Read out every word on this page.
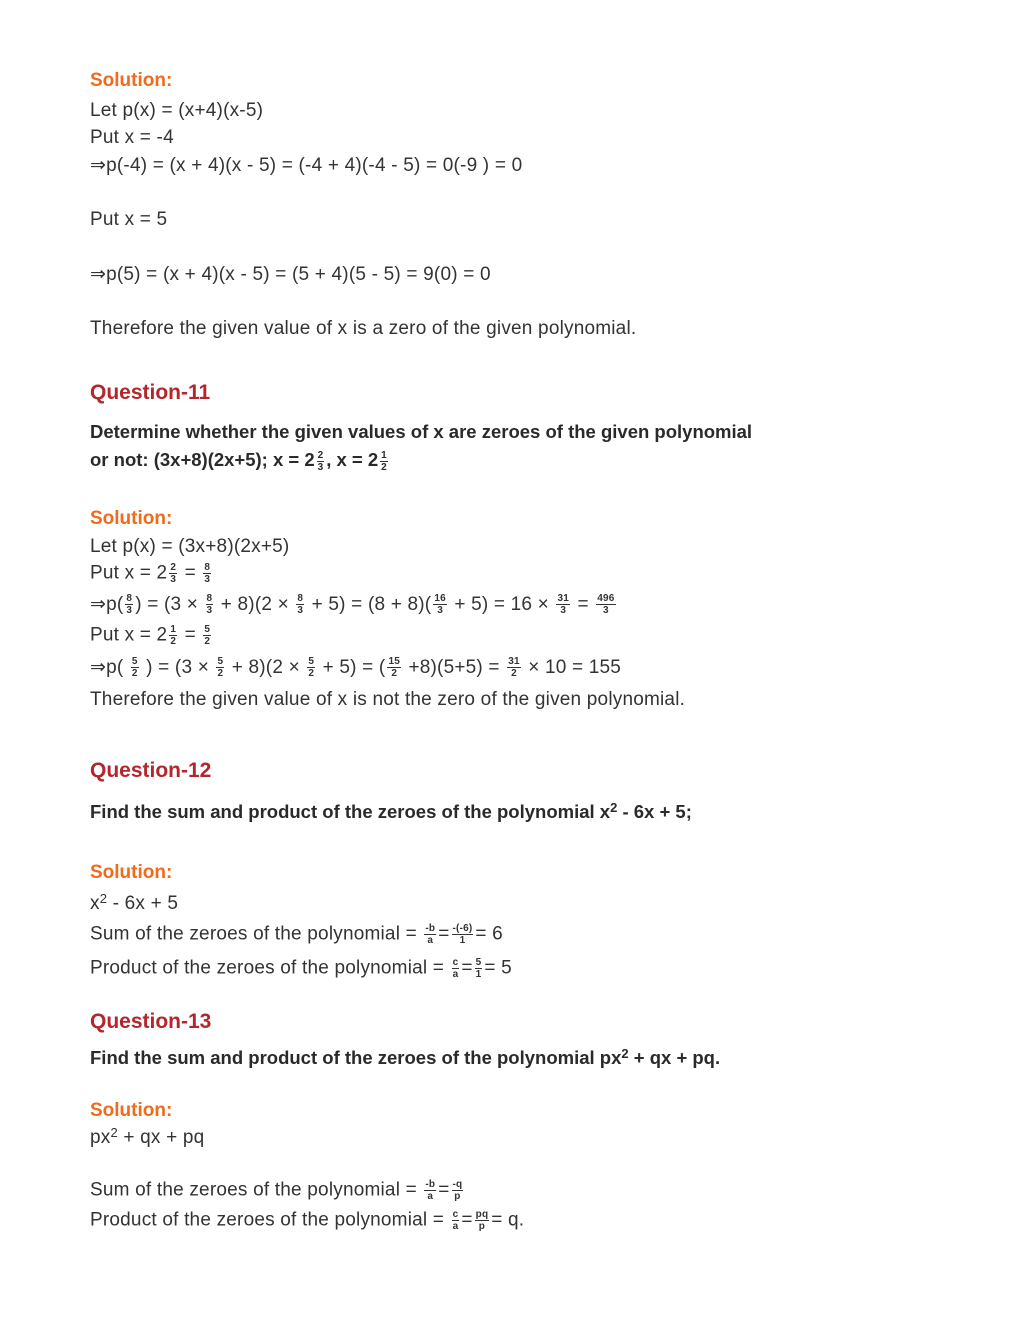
Solution:
Let p(x) = (x+4)(x-5)
Put x = -4
⇒p(-4) = (x + 4)(x - 5) = (-4 + 4)(-4 - 5) = 0(-9 ) = 0
Put x = 5
⇒p(5) = (x + 4)(x - 5) = (5 + 4)(5 - 5) = 9(0) = 0
Therefore the given value of x is a zero of the given polynomial.
Question-11
Determine whether the given values of x are zeroes of the given polynomial
or not: (3x+8)(2x+5); $x = 2 \frac{2}{3}$ , $x = 2 \frac{1}{2}$
Solution:
Let p(x) = (3x+8)(2x+5)
Put $x = 2 \frac{2}{3} = \frac{8}{3}$
⇒p( $\frac{8}{3}$ ) = $(3 \times \frac{8}{3} + 8)(2 \times \frac{8}{3} + 5) = (8 + 8)( \frac{16}{3} + 5) = 16 \times \frac{31}{3} = \frac{496}{3}$
Put $x = 2 \frac{1}{2} = \frac{5}{2}$
⇒p( $\frac{5}{2}$ ) = $(3 \times \frac{5}{2} + 8)(2 \times \frac{5}{2} + 5)$ = ( $\frac{15}{2} +8)(5+5) = \frac{31}{2} \times 10 = 155$
Therefore the given value of x is not the zero of the given polynomial.
Question-12
Find the sum and product of the zeroes of the polynomial $x^2 - 6x + 5$;
Solution:
$x^2 - 6x + 5$
Sum of the zeroes of the polynomial = $\frac{-b}{a} = \frac{-(-6)}{1} = 6$
Product of the zeroes of the polynomial = $\frac{c}{a} = \frac{5}{1} = 5$
Question-13
Find the sum and product of the zeroes of the polynomial $px^2$ + qx + pq.
Solution:
$px^2$ + qx + pq
Sum of the zeroes of the polynomial = $\frac{-b}{a} = \frac{-q}{p}$
Product of the zeroes of the polynomial = $\frac{c}{a} = \frac{pq}{p} = q$.
